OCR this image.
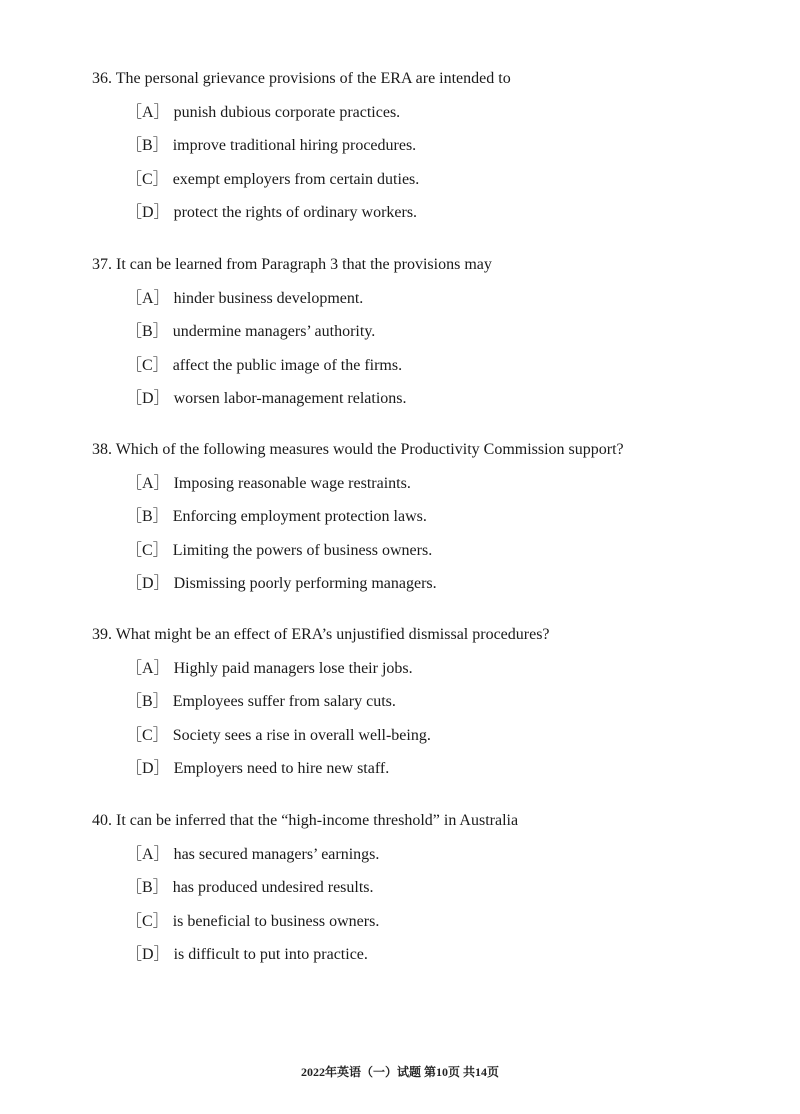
36. The personal grievance provisions of the ERA are intended to

［A］ punish dubious corporate practices.
［B］ improve traditional hiring procedures.
［C］ exempt employers from certain duties.
［D］ protect the rights of ordinary workers.

37. It can be learned from Paragraph 3 that the provisions may

［A］ hinder business development.
［B］ undermine managers’ authority.
［C］ affect the public image of the firms.
［D］ worsen labor-management relations.

38. Which of the following measures would the Productivity Commission support?

［A］ Imposing reasonable wage restraints.
［B］ Enforcing employment protection laws.
［C］ Limiting the powers of business owners.
［D］ Dismissing poorly performing managers.

39. What might be an effect of ERA’s unjustified dismissal procedures?

［A］ Highly paid managers lose their jobs.
［B］ Employees suffer from salary cuts.
［C］ Society sees a rise in overall well-being.
［D］ Employers need to hire new staff.

40. It can be inferred that the “high-income threshold” in Australia

［A］ has secured managers’ earnings.
［B］ has produced undesired results.
［C］ is beneficial to business owners.
［D］ is difficult to put into practice.
2022年英语（一）试题 第10页 共14页
